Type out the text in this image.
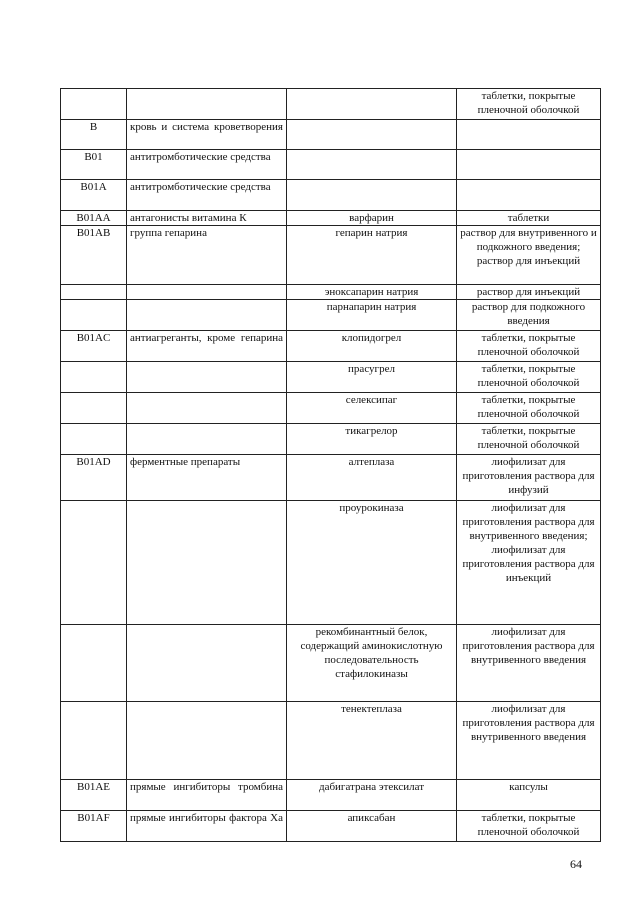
			таблетки, покрытые пленочной оболочкой
B	кровь и система кроветворения		

B01	антитромботические средства		
B01A	антитромботические средства		
B01AA	антагонисты витамина К	варфарин	таблетки
B01AB	группа гепарина	гепарин натрия	раствор для внутривенного и подкожного введения; раствор для инъекций
		эноксапарин натрия	раствор для инъекций
		парнапарин натрия	раствор для подкожного введения
B01AC	антиагреганты, кроме гепарина	клопидогрел	таблетки, покрытые пленочной оболочкой
		прасугрел	таблетки, покрытые пленочной оболочкой
		селексипаг	таблетки, покрытые пленочной оболочкой
		тикагрелор	таблетки, покрытые пленочной оболочкой
B01AD	ферментные препараты	алтеплаза	лиофилизат для приготовления раствора для инфузий
		проурокиназа	лиофилизат для приготовления раствора для внутривенного введения; лиофилизат для приготовления раствора для инъекций
		рекомбинантный белок, содержащий аминокислотную последовательность стафилокиназы	лиофилизат для приготовления раствора для внутривенного введения
		тенектеплаза	лиофилизат для приготовления раствора для внутривенного введения
B01AE	прямые ингибиторы тромбина	дабигатрана этексилат	капсулы
B01AF	прямые ингибиторы фактора Ха	апиксабан	таблетки, покрытые пленочной оболочкой
64
